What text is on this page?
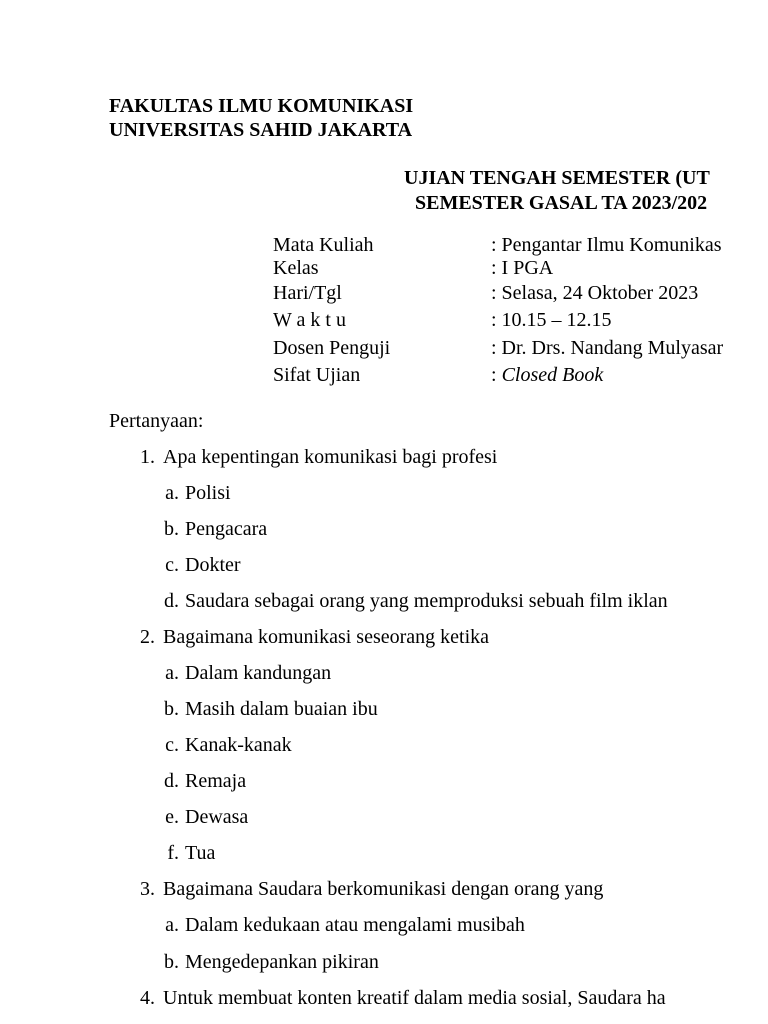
FAKULTAS ILMU KOMUNIKASI
UNIVERSITAS SAHID JAKARTA
UJIAN TENGAH SEMESTER (UT
SEMESTER GASAL TA 2023/202
Mata Kuliah	: Pengantar Ilmu Komunikas
Kelas	: I PGA
Hari/Tgl	: Selasa, 24 Oktober 2023
W a k t u	: 10.15 – 12.15
Dosen Penguji	: Dr. Drs. Nandang Mulyasar
Sifat Ujian	: Closed Book
Pertanyaan:
1. Apa kepentingan komunikasi bagi profesi
a. Polisi
b. Pengacara
c. Dokter
d. Saudara sebagai orang yang memproduksi sebuah film iklan
2. Bagaimana komunikasi seseorang ketika
a. Dalam kandungan
b. Masih dalam buaian ibu
c. Kanak-kanak
d. Remaja
e. Dewasa
f. Tua
3. Bagaimana Saudara berkomunikasi dengan orang yang
a. Dalam kedukaan atau mengalami musibah
b. Mengedepankan pikiran
4. Untuk membuat konten kreatif dalam media sosial, Saudara ha
